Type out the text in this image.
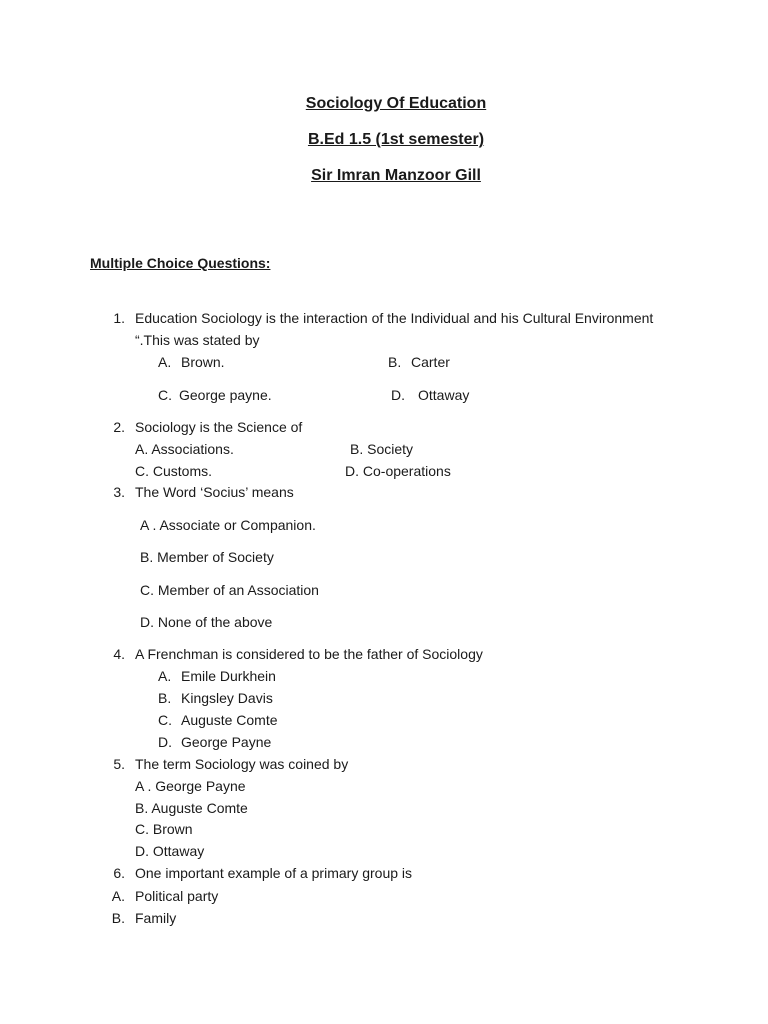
Sociology Of Education
B.Ed 1.5 (1st semester)
Sir Imran Manzoor Gill
Multiple Choice Questions:
1. Education Sociology is the interaction of the Individual and his Cultural Environment
“.This was stated by
A. Brown.	B. Carter
C. George payne.	D. Ottaway
2. Sociology is the Science of
A. Associations.	B. Society
C. Customs.	D. Co-operations
3. The Word ‘Socius’ means
A . Associate or Companion.
B. Member of Society
C. Member of an Association
D. None of the above
4. A Frenchman is considered to be the father of Sociology
A. Emile Durkhein
B. Kingsley Davis
C. Auguste Comte
D. George Payne
5. The term Sociology was coined by
A . George Payne
B. Auguste Comte
C. Brown
D. Ottaway
6. One important example of a primary group is
A. Political party
B. Family
